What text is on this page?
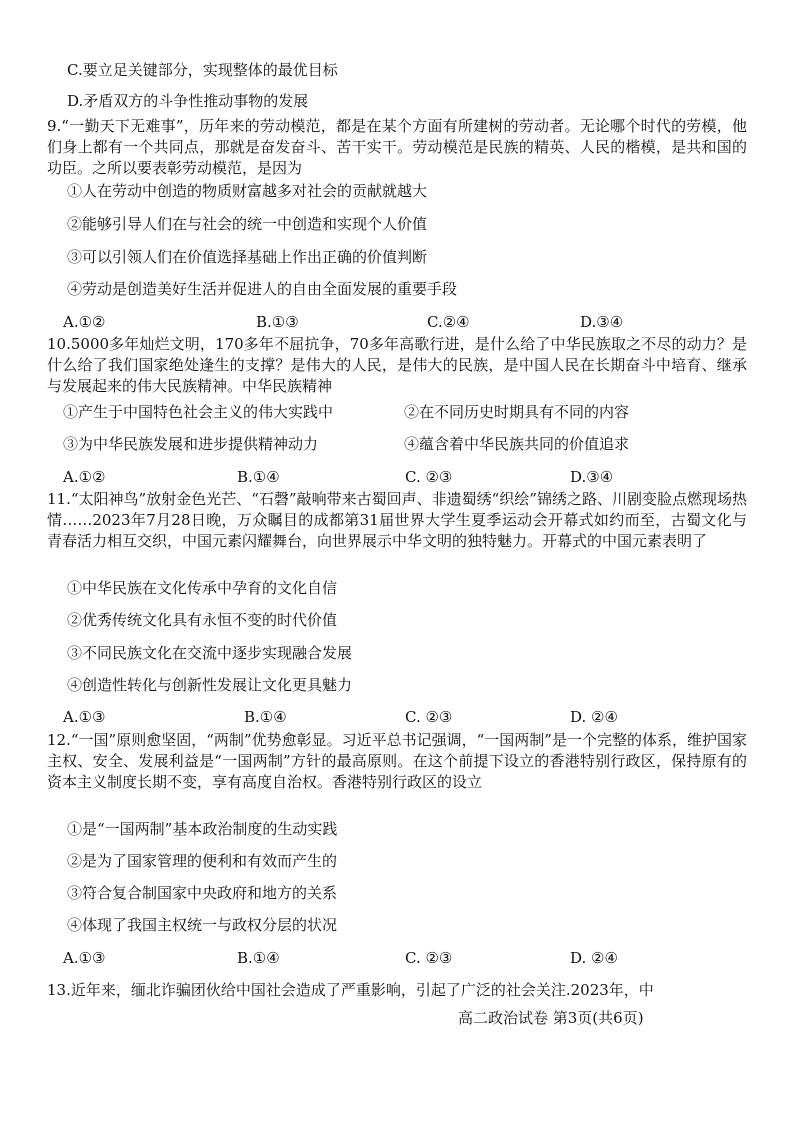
C.要立足关键部分，实现整体的最优目标
D.矛盾双方的斗争性推动事物的发展
9.“一勤天下无难事”，历年来的劳动模范，都是在某个方面有所建树的劳动者。无论哪个时代的劳模，他们身上都有一个共同点，那就是奋发奋斗、苦干实干。劳动模范是民族的精英、人民的楷模，是共和国的功臣。之所以要表彰劳动模范，是因为
①人在劳动中创造的物质财富越多对社会的贡献就越大
②能够引导人们在与社会的统一中创造和实现个人价值
③可以引领人们在价值选择基础上作出正确的价值判断
④劳动是创造美好生活并促进人的自由全面发展的重要手段
A.①②	B.①③	C.②④	D.③④
10.5000多年灿烂文明，170多年不屈抗争，70多年高歌行进，是什么给了中华民族取之不尽的动力？是什么给了我们国家绝处逢生的支撑？是伟大的人民，是伟大的民族，是中国人民在长期奋斗中培育、继承与发展起来的伟大民族精神。中华民族精神
①产生于中国特色社会主义的伟大实践中	②在不同历史时期具有不同的内容
③为中华民族发展和进步提供精神动力	④蕴含着中华民族共同的价值追求
A.①②	B.①④	C. ②③	D.③④
11.“太阳神鸟”放射金色光芒、“石磬”敲响带来古蜀回声、非遗蜀绣“织绘”锦绣之路、川剧变脸点燃现场热情……2023年7月28日晚，万众瞩目的成都第31届世界大学生夏季运动会开幕式如约而至，古蜀文化与青春活力相互交织，中国元素闪耀舞台，向世界展示中华文明的独特魅力。开幕式的中国元素表明了
①中华民族在文化传承中孕育的文化自信
②优秀传统文化具有永恒不变的时代价值
③不同民族文化在交流中逐步实现融合发展
④创造性转化与创新性发展让文化更具魅力
A.①③	B.①④	C. ②③	D. ②④
12.“一国”原则愈坚固，“两制”优势愈彰显。习近平总书记强调，“一国两制”是一个完整的体系，维护国家主权、安全、发展利益是“一国两制”方针的最高原则。在这个前提下设立的香港特别行政区，保持原有的资本主义制度长期不变，享有高度自治权。香港特别行政区的设立
①是“一国两制”基本政治制度的生动实践
②是为了国家管理的便利和有效而产生的
③符合复合制国家中央政府和地方的关系
④体现了我国主权统一与政权分层的状况
A.①③	B.①④	C. ②③	D. ②④
13.近年来，缅北诈骗团伙给中国社会造成了严重影响，引起了广泛的社会关注.2023年，中
高二政治试卷 第3页(共6页)
